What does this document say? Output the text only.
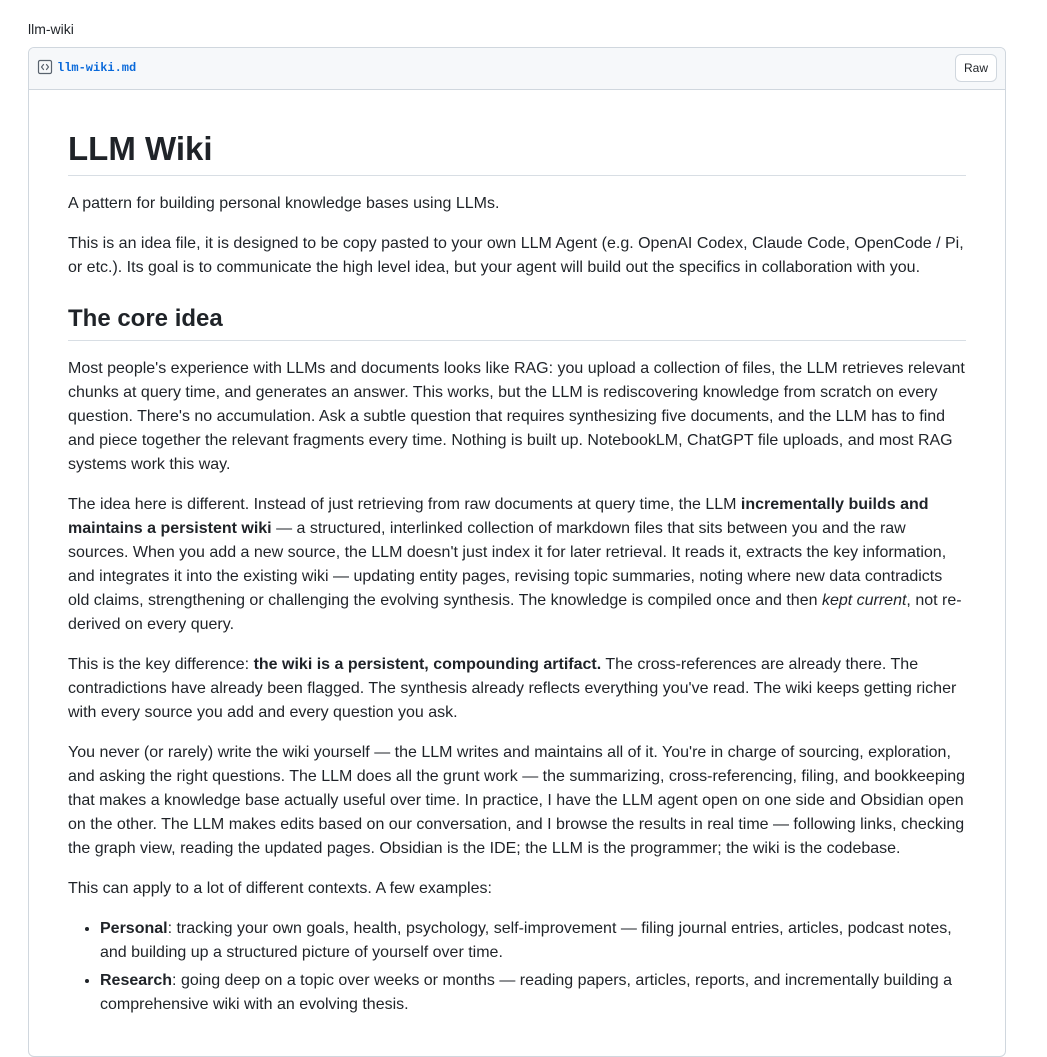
llm-wiki
llm-wiki.md	Raw
LLM Wiki

A pattern for building personal knowledge bases using LLMs.

This is an idea file, it is designed to be copy pasted to your own LLM Agent (e.g. OpenAI Codex, Claude Code, OpenCode / Pi, or etc.). Its goal is to communicate the high level idea, but your agent will build out the specifics in collaboration with you.

The core idea

Most people's experience with LLMs and documents looks like RAG: you upload a collection of files, the LLM retrieves relevant chunks at query time, and generates an answer. This works, but the LLM is rediscovering knowledge from scratch on every question. There's no accumulation. Ask a subtle question that requires synthesizing five documents, and the LLM has to find and piece together the relevant fragments every time. Nothing is built up. NotebookLM, ChatGPT file uploads, and most RAG systems work this way.

The idea here is different. Instead of just retrieving from raw documents at query time, the LLM incrementally builds and maintains a persistent wiki — a structured, interlinked collection of markdown files that sits between you and the raw sources. When you add a new source, the LLM doesn't just index it for later retrieval. It reads it, extracts the key information, and integrates it into the existing wiki — updating entity pages, revising topic summaries, noting where new data contradicts old claims, strengthening or challenging the evolving synthesis. The knowledge is compiled once and then kept current, not re-derived on every query.

This is the key difference: the wiki is a persistent, compounding artifact. The cross-references are already there. The contradictions have already been flagged. The synthesis already reflects everything you've read. The wiki keeps getting richer with every source you add and every question you ask.

You never (or rarely) write the wiki yourself — the LLM writes and maintains all of it. You're in charge of sourcing, exploration, and asking the right questions. The LLM does all the grunt work — the summarizing, cross-referencing, filing, and bookkeeping that makes a knowledge base actually useful over time. In practice, I have the LLM agent open on one side and Obsidian open on the other. The LLM makes edits based on our conversation, and I browse the results in real time — following links, checking the graph view, reading the updated pages. Obsidian is the IDE; the LLM is the programmer; the wiki is the codebase.

This can apply to a lot of different contexts. A few examples:

• Personal: tracking your own goals, health, psychology, self-improvement — filing journal entries, articles, podcast notes, and building up a structured picture of yourself over time.
• Research: going deep on a topic over weeks or months — reading papers, articles, reports, and incrementally building a comprehensive wiki with an evolving thesis.
